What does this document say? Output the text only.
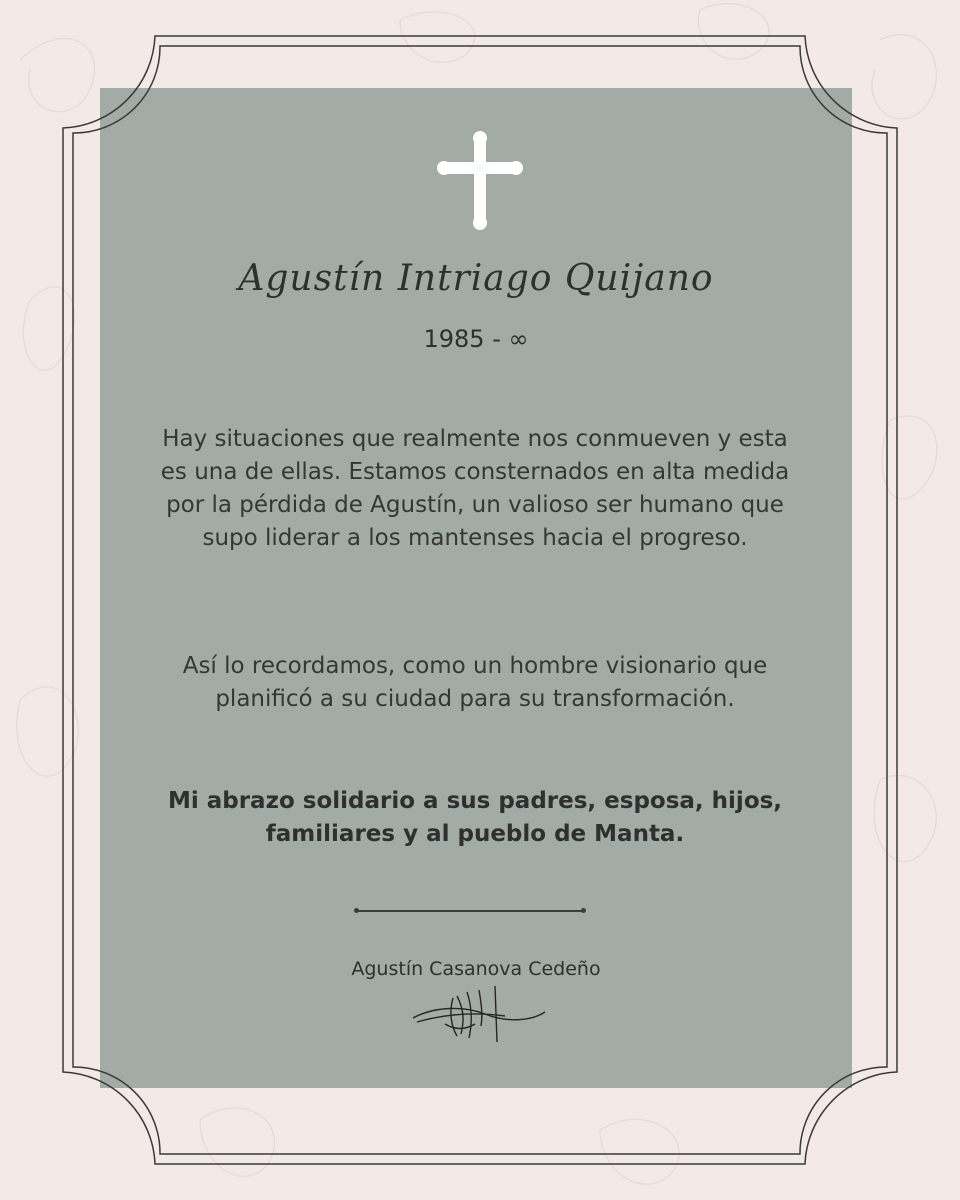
Agustín Intriago Quijano
1985 - ∞
Hay situaciones que realmente nos conmueven y esta es una de ellas. Estamos consternados en alta medida por la pérdida de Agustín, un valioso ser humano que supo liderar a los mantenses hacia el progreso.
Así lo recordamos, como un hombre visionario que planificó a su ciudad para su transformación.
Mi abrazo solidario a sus padres, esposa, hijos, familiares y al pueblo de Manta.
Agustín Casanova Cedeño
